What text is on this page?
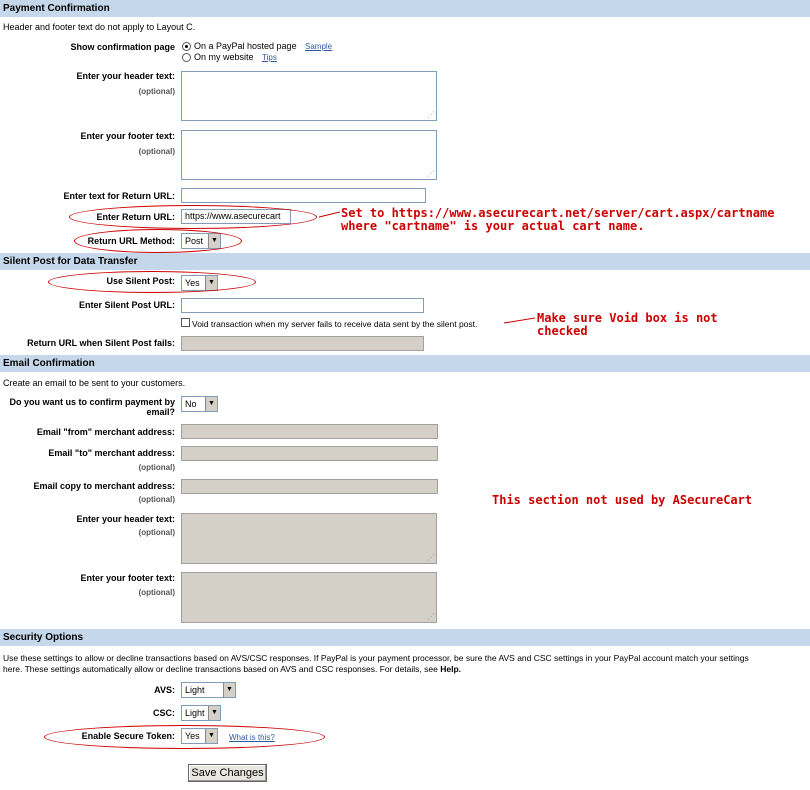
Payment Confirmation
Header and footer text do not apply to Layout C.
Show confirmation page On a PayPal hosted page Sample
On my website Tips
Enter your header text:
(optional)
⋰
Enter your footer text:
(optional)
⋰
Enter text for Return URL:
Enter Return URL:	https://www.asecurecart
Return URL Method:	Post	▼
Set to https://www.asecurecart.net/server/cart.aspx/cartname
where "cartname" is your actual cart name.
Silent Post for Data Transfer
Use Silent Post:	Yes	▼
Enter Silent Post URL:
Void transaction when my server fails to receive data sent by the silent post.	Make sure Void box is not
checked
Return URL when Silent Post fails:
Email Confirmation
Create an email to be sent to your customers.
Do you want us to confirm payment by
email?
No	▼
Email "from" merchant address:
Email "to" merchant address:
(optional)
Email copy to merchant address:
(optional)	This section not used by ASecureCart
Enter your header text:
(optional)
⋰
Enter your footer text:
(optional)
⋰
Security Options
Use these settings to allow or decline transactions based on AVS/CSC responses. If PayPal is your payment processor, be sure the AVS and CSC settings in your PayPal account match your settings
here. These settings automatically allow or decline transactions based on AVS and CSC responses. For details, see Help.
AVS:	Light	▼
CSC:	Light ▼
Enable Secure Token:	Yes	▼ What is this?
Save Changes
